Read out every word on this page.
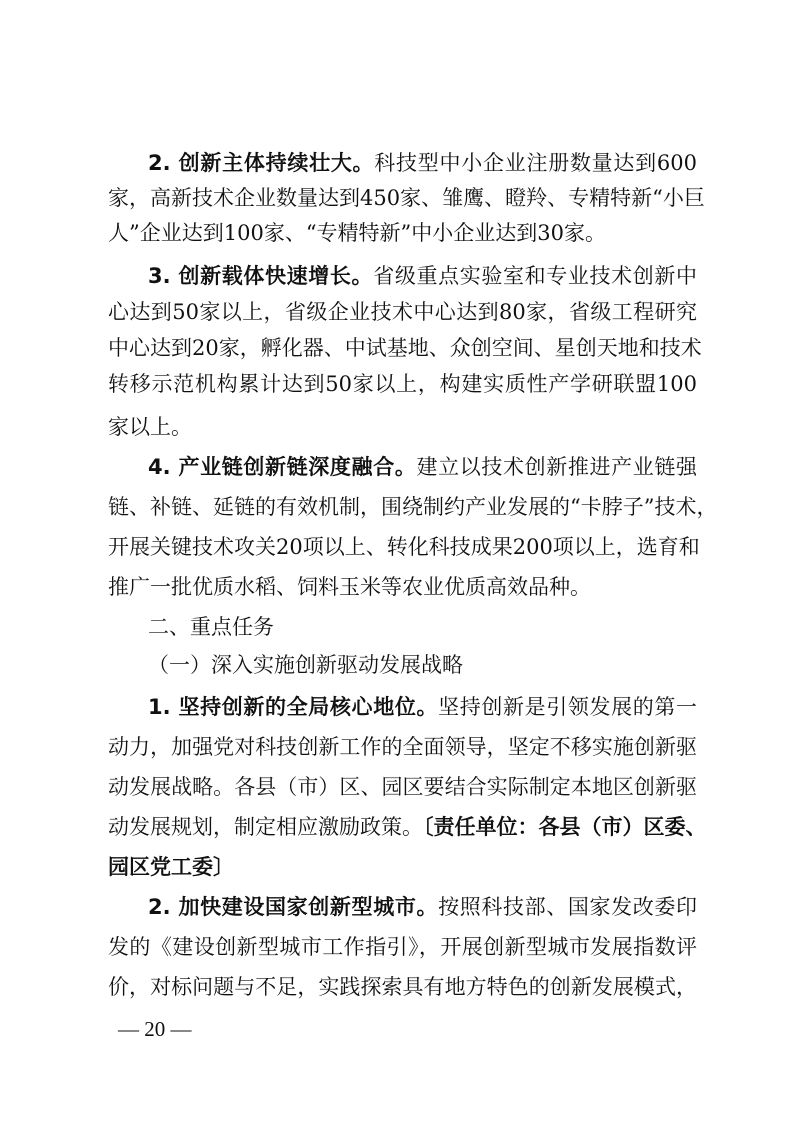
2. 创新主体持续壮大。科技型中小企业注册数量达到600
家，高新技术企业数量达到450家、雏鹰、瞪羚、专精特新“小巨
人”企业达到100家、“专精特新”中小企业达到30家。
3. 创新载体快速增长。省级重点实验室和专业技术创新中
心达到50家以上，省级企业技术中心达到80家，省级工程研究
中心达到20家，孵化器、中试基地、众创空间、星创天地和技术
转移示范机构累计达到50家以上，构建实质性产学研联盟100
家以上。
4. 产业链创新链深度融合。建立以技术创新推进产业链强
链、补链、延链的有效机制，围绕制约产业发展的“卡脖子”技术，
开展关键技术攻关20项以上、转化科技成果200项以上，选育和
推广一批优质水稻、饲料玉米等农业优质高效品种。
二、重点任务
（一）深入实施创新驱动发展战略
1. 坚持创新的全局核心地位。坚持创新是引领发展的第一
动力，加强党对科技创新工作的全面领导，坚定不移实施创新驱
动发展战略。各县（市）区、园区要结合实际制定本地区创新驱
动发展规划，制定相应激励政策。〔责任单位：各县（市）区委、
园区党工委〕
2. 加快建设国家创新型城市。按照科技部、国家发改委印
发的《建设创新型城市工作指引》，开展创新型城市发展指数评
价，对标问题与不足，实践探索具有地方特色的创新发展模式，
— 20 —
